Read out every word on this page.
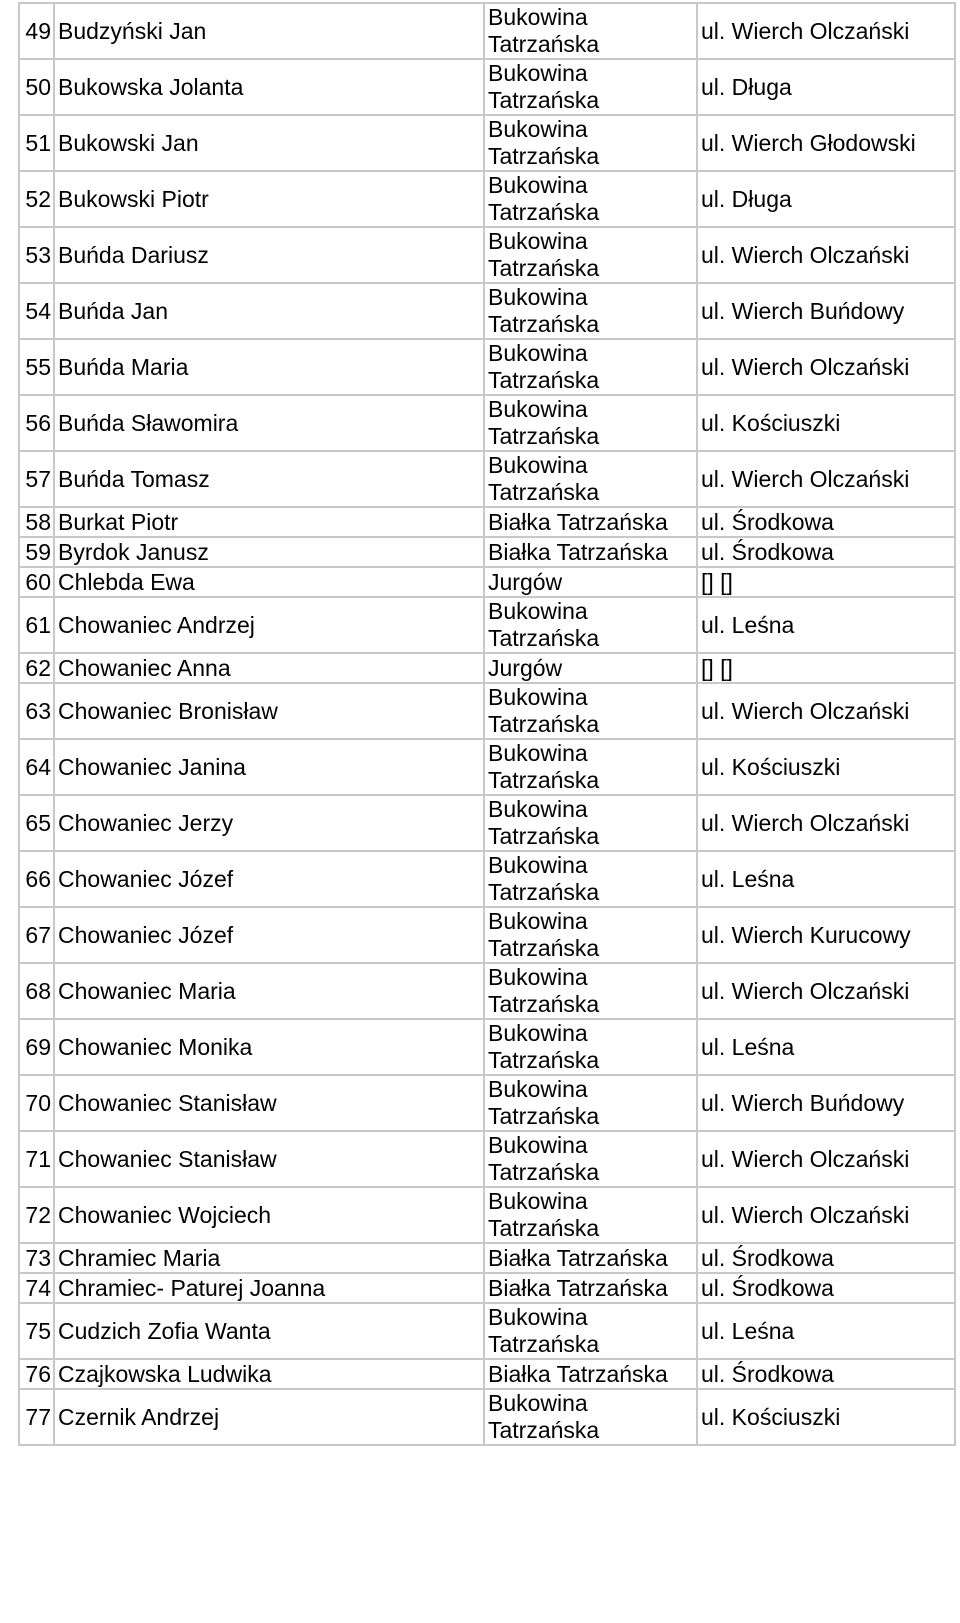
49	Budzyński Jan	Bukowina Tatrzańska	ul. Wierch Olczański
50	Bukowska Jolanta	Bukowina Tatrzańska	ul. Długa
51	Bukowski Jan	Bukowina Tatrzańska	ul. Wierch Głodowski
52	Bukowski Piotr	Bukowina Tatrzańska	ul. Długa
53	Buńda Dariusz	Bukowina Tatrzańska	ul. Wierch Olczański
54	Buńda Jan	Bukowina Tatrzańska	ul. Wierch Buńdowy
55	Buńda Maria	Bukowina Tatrzańska	ul. Wierch Olczański
56	Buńda Sławomira	Bukowina Tatrzańska	ul. Kościuszki
57	Buńda Tomasz	Bukowina Tatrzańska	ul. Wierch Olczański
58	Burkat Piotr	Białka Tatrzańska	ul. Środkowa
59	Byrdok Janusz	Białka Tatrzańska	ul. Środkowa
60	Chlebda Ewa	Jurgów	[] []
61	Chowaniec Andrzej	Bukowina Tatrzańska	ul. Leśna
62	Chowaniec Anna	Jurgów	[] []
63	Chowaniec Bronisław	Bukowina Tatrzańska	ul. Wierch Olczański
64	Chowaniec Janina	Bukowina Tatrzańska	ul. Kościuszki
65	Chowaniec Jerzy	Bukowina Tatrzańska	ul. Wierch Olczański
66	Chowaniec Józef	Bukowina Tatrzańska	ul. Leśna
67	Chowaniec Józef	Bukowina Tatrzańska	ul. Wierch Kurucowy
68	Chowaniec Maria	Bukowina Tatrzańska	ul. Wierch Olczański
69	Chowaniec Monika	Bukowina Tatrzańska	ul. Leśna
70	Chowaniec Stanisław	Bukowina Tatrzańska	ul. Wierch Buńdowy
71	Chowaniec Stanisław	Bukowina Tatrzańska	ul. Wierch Olczański
72	Chowaniec Wojciech	Bukowina Tatrzańska	ul. Wierch Olczański
73	Chramiec Maria	Białka Tatrzańska	ul. Środkowa
74	Chramiec- Paturej Joanna	Białka Tatrzańska	ul. Środkowa
75	Cudzich Zofia Wanta	Bukowina Tatrzańska	ul. Leśna
76	Czajkowska Ludwika	Białka Tatrzańska	ul. Środkowa
77	Czernik Andrzej	Bukowina Tatrzańska	ul. Kościuszki
